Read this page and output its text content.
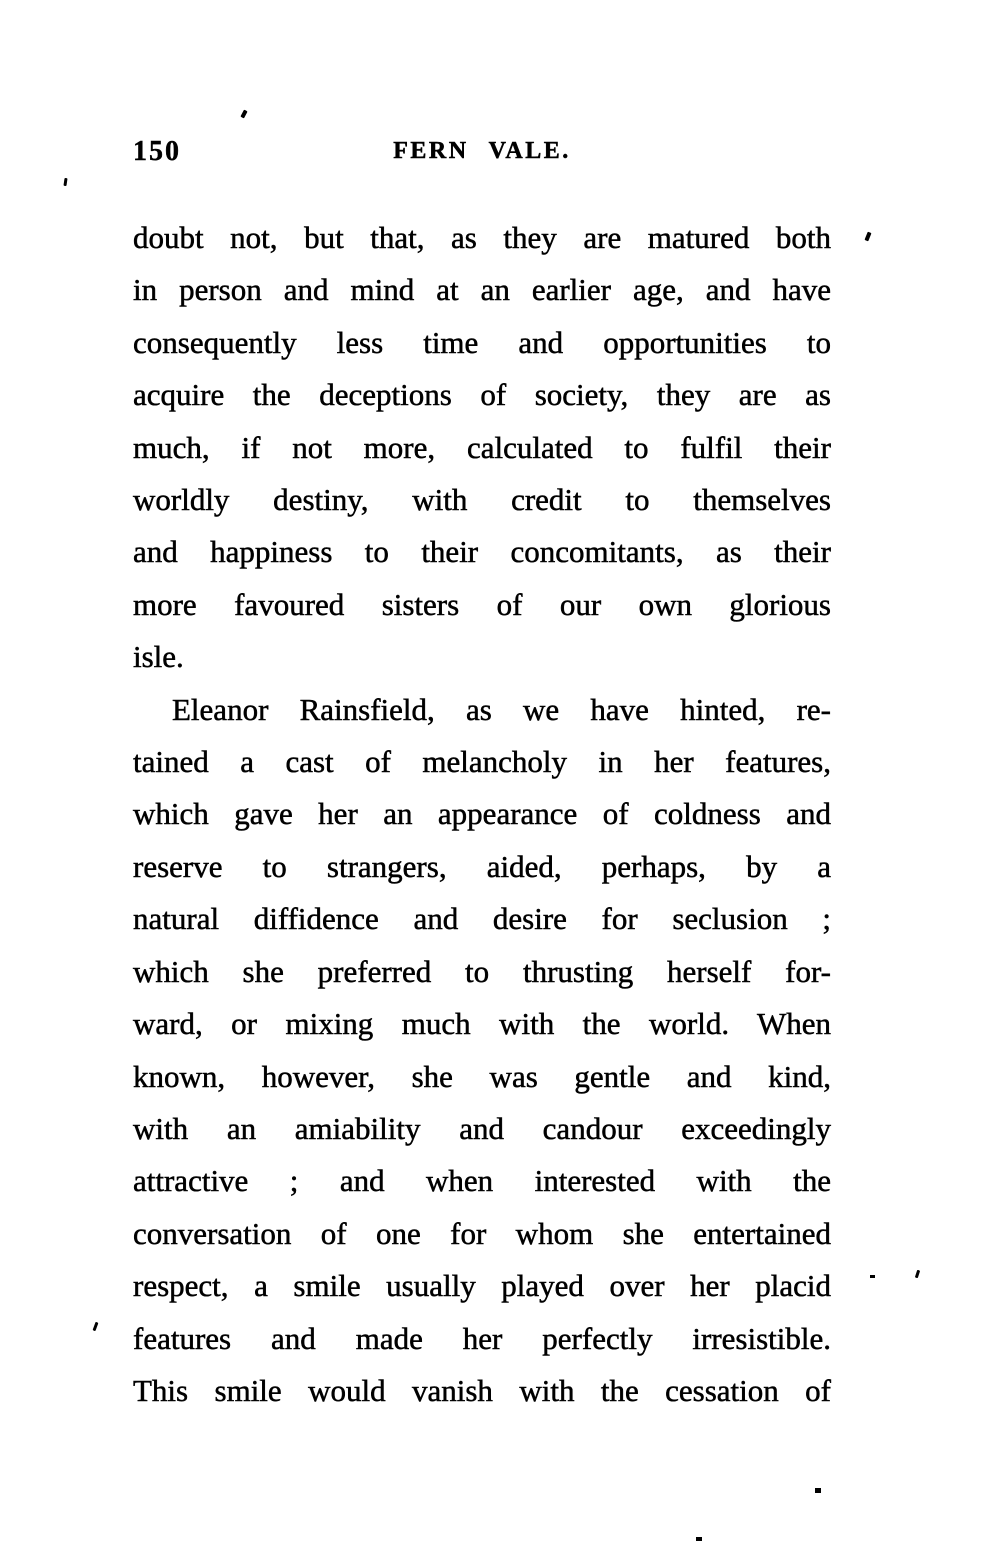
150	FERN VALE.
doubt not, but that, as they are matured both
in person and mind at an earlier age, and have
consequently less time and opportunities to
acquire the deceptions of society, they are as
much, if not more, calculated to fulfil their
worldly destiny, with credit to themselves
and happiness to their concomitants, as their
more favoured sisters of our own glorious
isle.
Eleanor Rainsfield, as we have hinted, re-
tained a cast of melancholy in her features,
which gave her an appearance of coldness and
reserve to strangers, aided, perhaps, by a
natural diffidence and desire for seclusion ;
which she preferred to thrusting herself for-
ward, or mixing much with the world. When
known, however, she was gentle and kind,
with an amiability and candour exceedingly
attractive ; and when interested with the
conversation of one for whom she entertained
respect, a smile usually played over her placid
features and made her perfectly irresistible.
This smile would vanish with the cessation of
